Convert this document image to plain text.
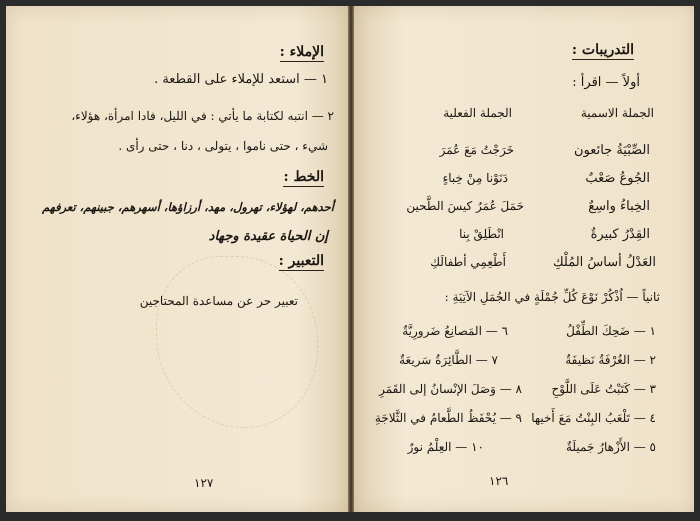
الإملاء :
١ — استعد للإملاء على القطعة .
٢ — انتبه لكتابة ما يأتي : في الليل، فادا امرأة، هؤلاء،
شيء ، حتى ناموا ، يتولى ، دنا ، حتى رأى .
الخط :
أحدهم، لهؤلاء، تهرول، مهد، أرزاؤها، أسهرهم، جبينهم، تعرفهم
إن الحياة عقيدة وجهاد
التعبير :
تعبير حر عن مساعدة المحتاجين
١٢٧
التدريبات :
أولاً — اقرأ :
الجملة الاسمية
الجملة الفعلية
الصِّبْيَةُ جائعون
الجُوعُ صَعْبٌ
الخِباءُ واسِعٌ
القِدْرُ كبيرةٌ
العَدْلُ أساسُ المُلْكِ
خَرَجْتُ مَعَ عُمَرَ
دَنَوْنا مِنْ خِباءٍ
حَمَلَ عُمَرُ كيسَ الطَّحين
انْطَلِقْ بِنا
أَطْعِمِي أطفالَكِ
ثانياً — اُذْكُرْ نَوْعَ كُلِّ جُمْلَةٍ في الجُمَلِ الآتِيَةِ :
١ — ضَحِكَ الطِّفْلُ
٢ — الغُرْفَةُ نَظيفَةٌ
٣ — كَتَبْتُ عَلَى اللَّوْحِ
٤ — تَلْعَبُ البِنْتُ مَعَ أَخيها
٥ — الأَزْهارُ جَميلَةٌ
٦ — المَصانِعُ ضَرورِيَّةٌ
٧ — الطَّائِرَةُ سَريعَةٌ
٨ — وَصَلَ الإنْسانُ إلى القَمَرِ
٩ — يُحْفَظُ الطَّعامُ في الثَّلاجَةِ
١٠ — العِلْمُ نورٌ
١٢٦
